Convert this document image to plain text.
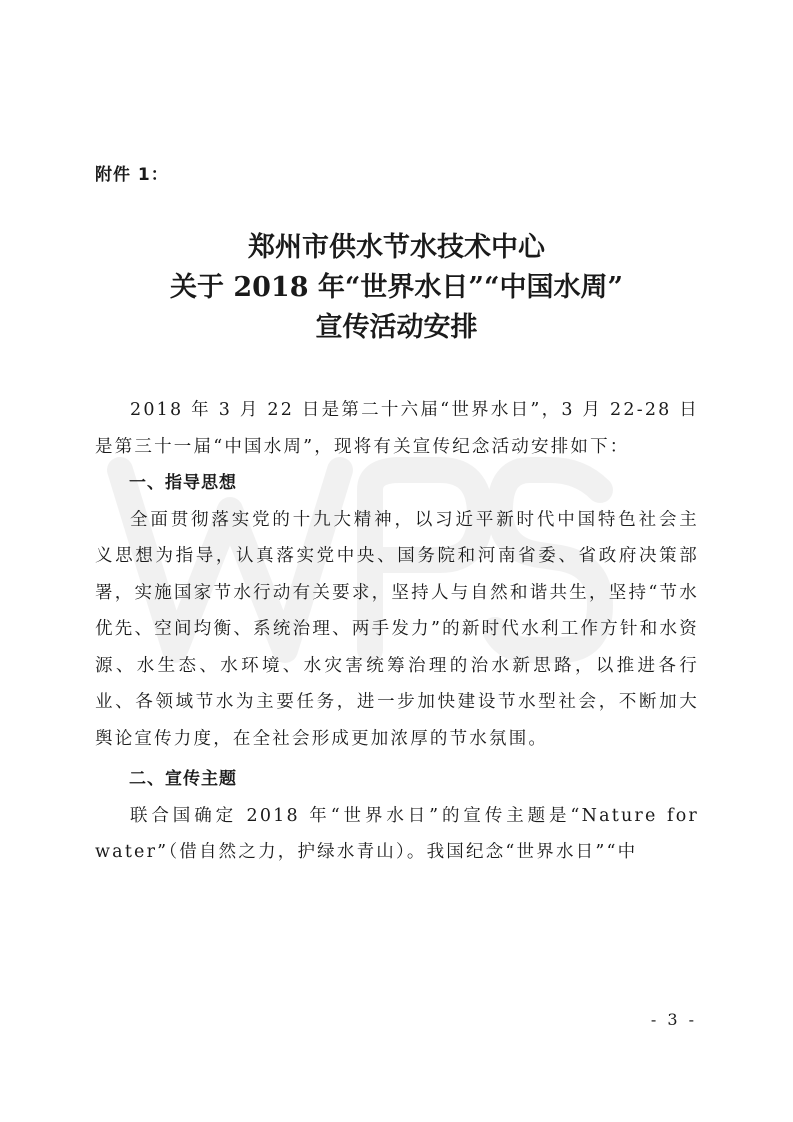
附件 1：
郑州市供水节水技术中心
关于 2018 年“世界水日”“中国水周”
宣传活动安排

2018 年 3 月 22 日是第二十六届“世界水日”，3 月 22-28 日是第三十一届“中国水周”，现将有关宣传纪念活动安排如下：

一、指导思想

全面贯彻落实党的十九大精神，以习近平新时代中国特色社会主义思想为指导，认真落实党中央、国务院和河南省委、省政府决策部署，实施国家节水行动有关要求，坚持人与自然和谐共生，坚持“节水优先、空间均衡、系统治理、两手发力”的新时代水利工作方针和水资源、水生态、水环境、水灾害统筹治理的治水新思路，以推进各行业、各领域节水为主要任务，进一步加快建设节水型社会，不断加大舆论宣传力度，在全社会形成更加浓厚的节水氛围。

二、宣传主题

联合国确定 2018 年“世界水日”的宣传主题是“Nature for water”（借自然之力，护绿水青山）。我国纪念“世界水日”“中

- 3 -
